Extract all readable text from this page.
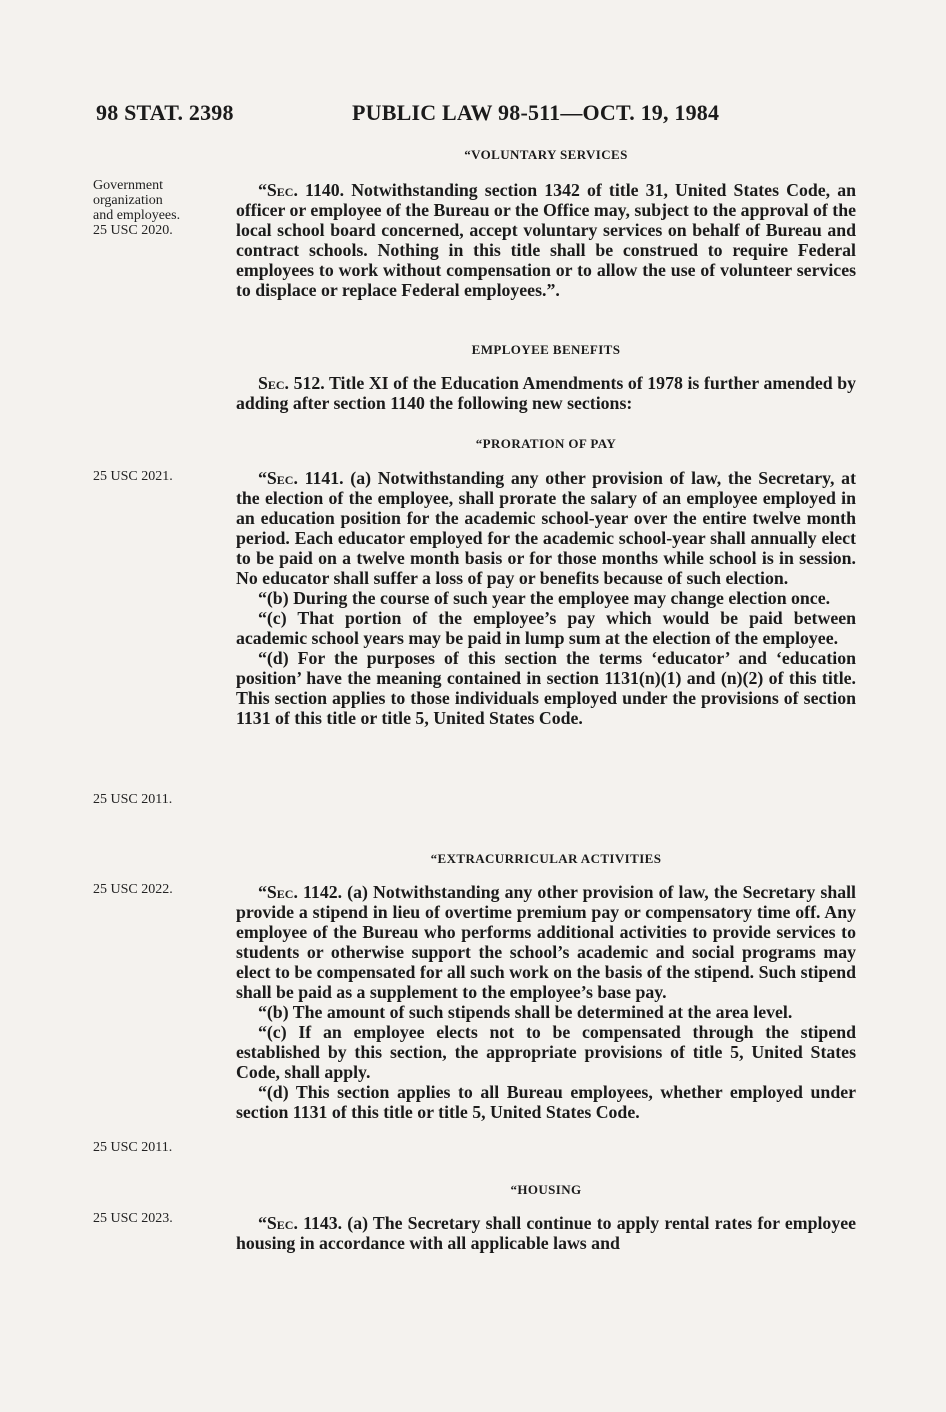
98 STAT. 2398	PUBLIC LAW 98-511—OCT. 19, 1984
Government
organization
and employees.
25 USC 2020.
25 USC 2021.
25 USC 2011.
25 USC 2022.
25 USC 2011.
25 USC 2023.
“VOLUNTARY SERVICES

“Sec. 1140. Notwithstanding section 1342 of title 31, United States Code, an officer or employee of the Bureau or the Office may, subject to the approval of the local school board concerned, accept voluntary services on behalf of Bureau and contract schools. Nothing in this title shall be construed to require Federal employees to work without compensation or to allow the use of volunteer services to displace or replace Federal employees.”.

EMPLOYEE BENEFITS

Sec. 512. Title XI of the Education Amendments of 1978 is further amended by adding after section 1140 the following new sections:

“PRORATION OF PAY

“Sec. 1141. (a) Notwithstanding any other provision of law, the Secretary, at the election of the employee, shall prorate the salary of an employee employed in an education position for the academic school-year over the entire twelve month period. Each educator employed for the academic school-year shall annually elect to be paid on a twelve month basis or for those months while school is in session. No educator shall suffer a loss of pay or benefits because of such election.

“(b) During the course of such year the employee may change election once.

“(c) That portion of the employee’s pay which would be paid between academic school years may be paid in lump sum at the election of the employee.

“(d) For the purposes of this section the terms ‘educator’ and ‘education position’ have the meaning contained in section 1131(n)(1) and (n)(2) of this title. This section applies to those individuals employed under the provisions of section 1131 of this title or title 5, United States Code.

“EXTRACURRICULAR ACTIVITIES

“Sec. 1142. (a) Notwithstanding any other provision of law, the Secretary shall provide a stipend in lieu of overtime premium pay or compensatory time off. Any employee of the Bureau who performs additional activities to provide services to students or otherwise support the school’s academic and social programs may elect to be compensated for all such work on the basis of the stipend. Such stipend shall be paid as a supplement to the employee’s base pay.

“(b) The amount of such stipends shall be determined at the area level.

“(c) If an employee elects not to be compensated through the stipend established by this section, the appropriate provisions of title 5, United States Code, shall apply.

“(d) This section applies to all Bureau employees, whether employed under section 1131 of this title or title 5, United States Code.

“HOUSING

“Sec. 1143. (a) The Secretary shall continue to apply rental rates for employee housing in accordance with all applicable laws and
